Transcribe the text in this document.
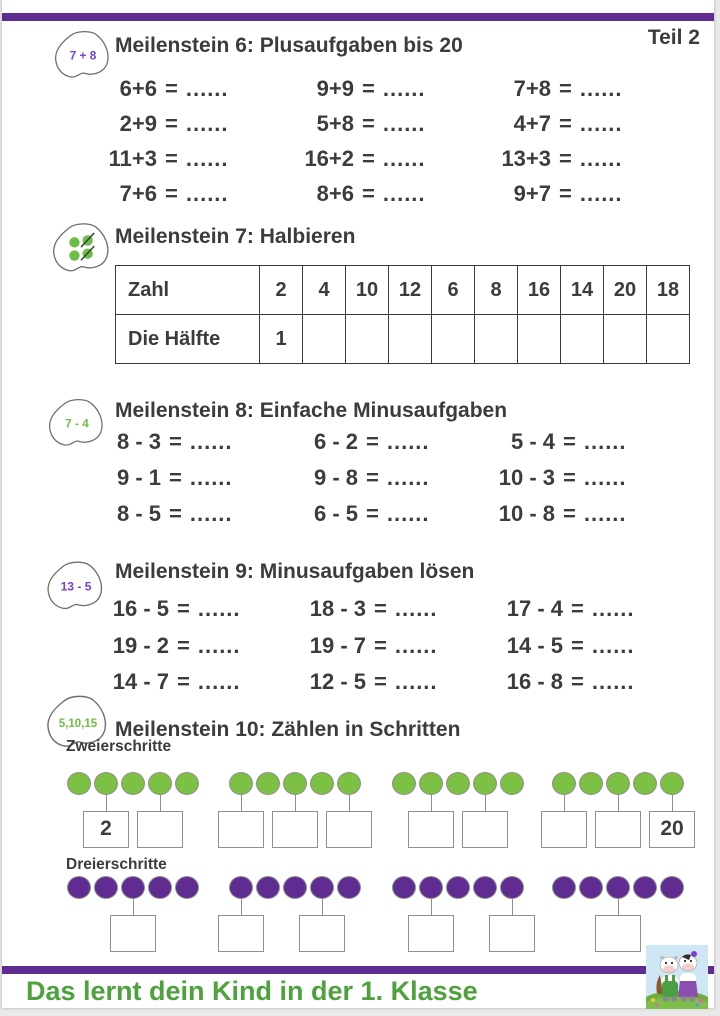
Teil 2
7 + 8 Meilenstein 6: Plusaufgaben bis 20
6+6 = ......	9+9 = ......	7+8 = ......
2+9 = ......	5+8 = ......	4+7 = ......
11+3 = ......	16+2 = ......	13+3 = ......
7+6 = ......	8+6 = ......	9+7 = ......
Meilenstein 7: Halbieren
Zahl	2	4	10	12	6	8	16	14	20	18
Die Hälfte	1									
7 - 4
Meilenstein 8: Einfache Minusaufgaben
8 - 3 = ......	6 - 2 = ......	5 - 4 = ......
9 - 1 = ......	9 - 8 = ......	10 - 3 = ......
8 - 5 = ......	6 - 5 = ......	10 - 8 = ......
13 - 5
Meilenstein 9: Minusaufgaben lösen
16 - 5 = ......	18 - 3 = ......	17 - 4 = ......
19 - 2 = ......	19 - 7 = ......	14 - 5 = ......
14 - 7 = ......	12 - 5 = ......	16 - 8 = ......
5,10,15 Meilenstein 10: Zählen in Schritten
Zweierschritte
2	20
Dreierschritte
Das lernt dein Kind in der 1. Klasse
